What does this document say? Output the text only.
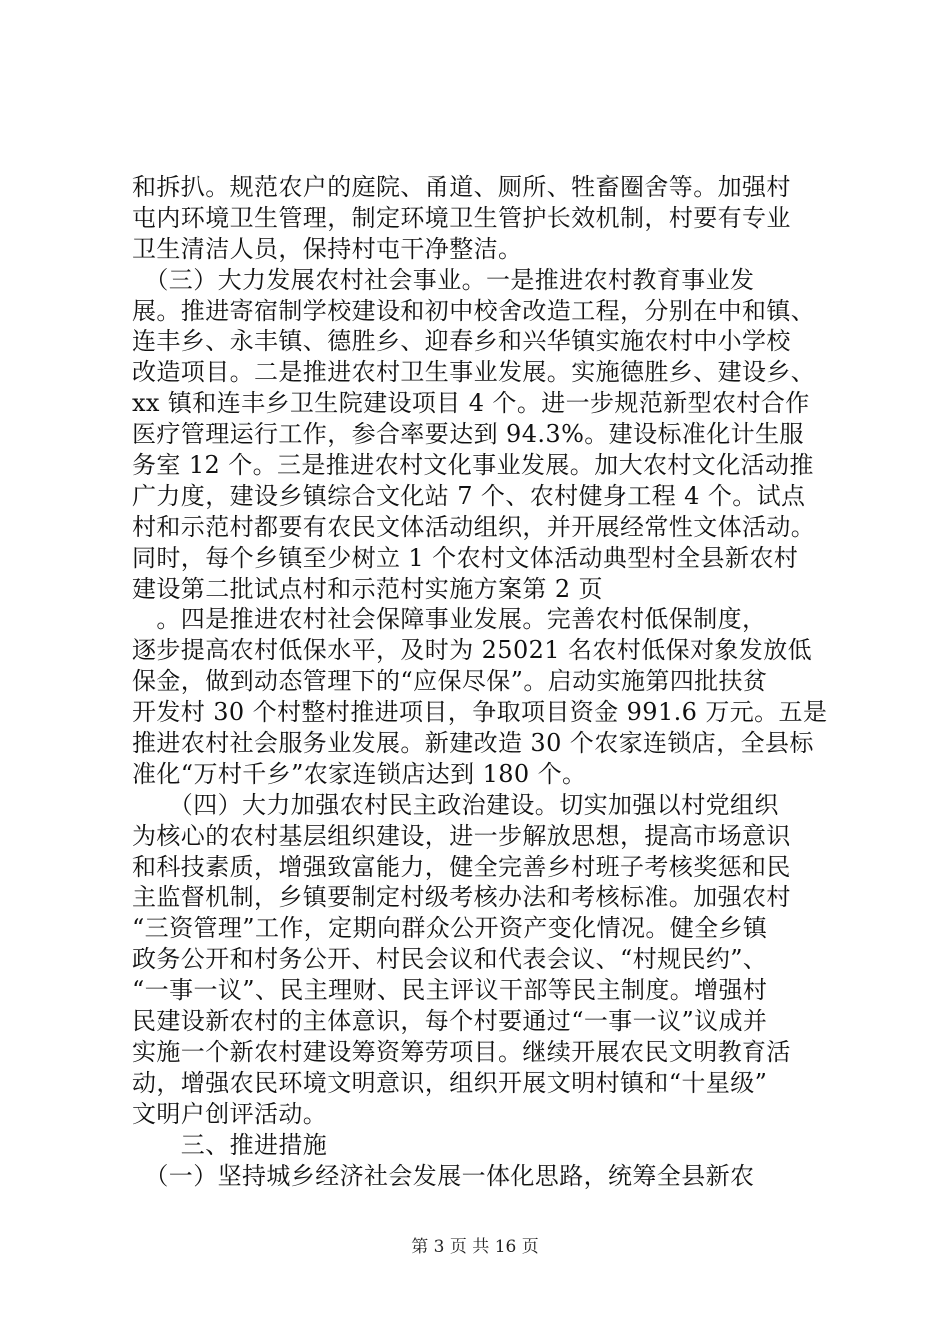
和拆扒。规范农户的庭院、甬道、厕所、牲畜圈舍等。加强村
屯内环境卫生管理，制定环境卫生管护长效机制，村要有专业
卫生清洁人员，保持村屯干净整洁。
　（三）大力发展农村社会事业。一是推进农村教育事业发
展。推进寄宿制学校建设和初中校舍改造工程，分别在中和镇、
连丰乡、永丰镇、德胜乡、迎春乡和兴华镇实施农村中小学校
改造项目。二是推进农村卫生事业发展。实施德胜乡、建设乡、
xx 镇和连丰乡卫生院建设项目 4 个。进一步规范新型农村合作
医疗管理运行工作，参合率要达到 94.3%。建设标准化计生服
务室 12 个。三是推进农村文化事业发展。加大农村文化活动推
广力度，建设乡镇综合文化站 7 个、农村健身工程 4 个。试点
村和示范村都要有农民文体活动组织，并开展经常性文体活动。
同时，每个乡镇至少树立 1 个农村文体活动典型村全县新农村
建设第二批试点村和示范村实施方案第 2 页
　。四是推进农村社会保障事业发展。完善农村低保制度，
逐步提高农村低保水平，及时为 25021 名农村低保对象发放低
保金，做到动态管理下的“应保尽保”。启动实施第四批扶贫
开发村 30 个村整村推进项目，争取项目资金 991.6 万元。五是
推进农村社会服务业发展。新建改造 30 个农家连锁店，全县标
准化“万村千乡”农家连锁店达到 180 个。
　　（四）大力加强农村民主政治建设。切实加强以村党组织
为核心的农村基层组织建设，进一步解放思想，提高市场意识
和科技素质，增强致富能力，健全完善乡村班子考核奖惩和民
主监督机制，乡镇要制定村级考核办法和考核标准。加强农村
“三资管理”工作，定期向群众公开资产变化情况。健全乡镇
政务公开和村务公开、村民会议和代表会议、“村规民约”、
“一事一议”、民主理财、民主评议干部等民主制度。增强村
民建设新农村的主体意识，每个村要通过“一事一议”议成并
实施一个新农村建设筹资筹劳项目。继续开展农民文明教育活
动，增强农民环境文明意识，组织开展文明村镇和“十星级”
文明户创评活动。
　　三、推进措施
　（一）坚持城乡经济社会发展一体化思路，统筹全县新农
第 3 页 共 16 页
